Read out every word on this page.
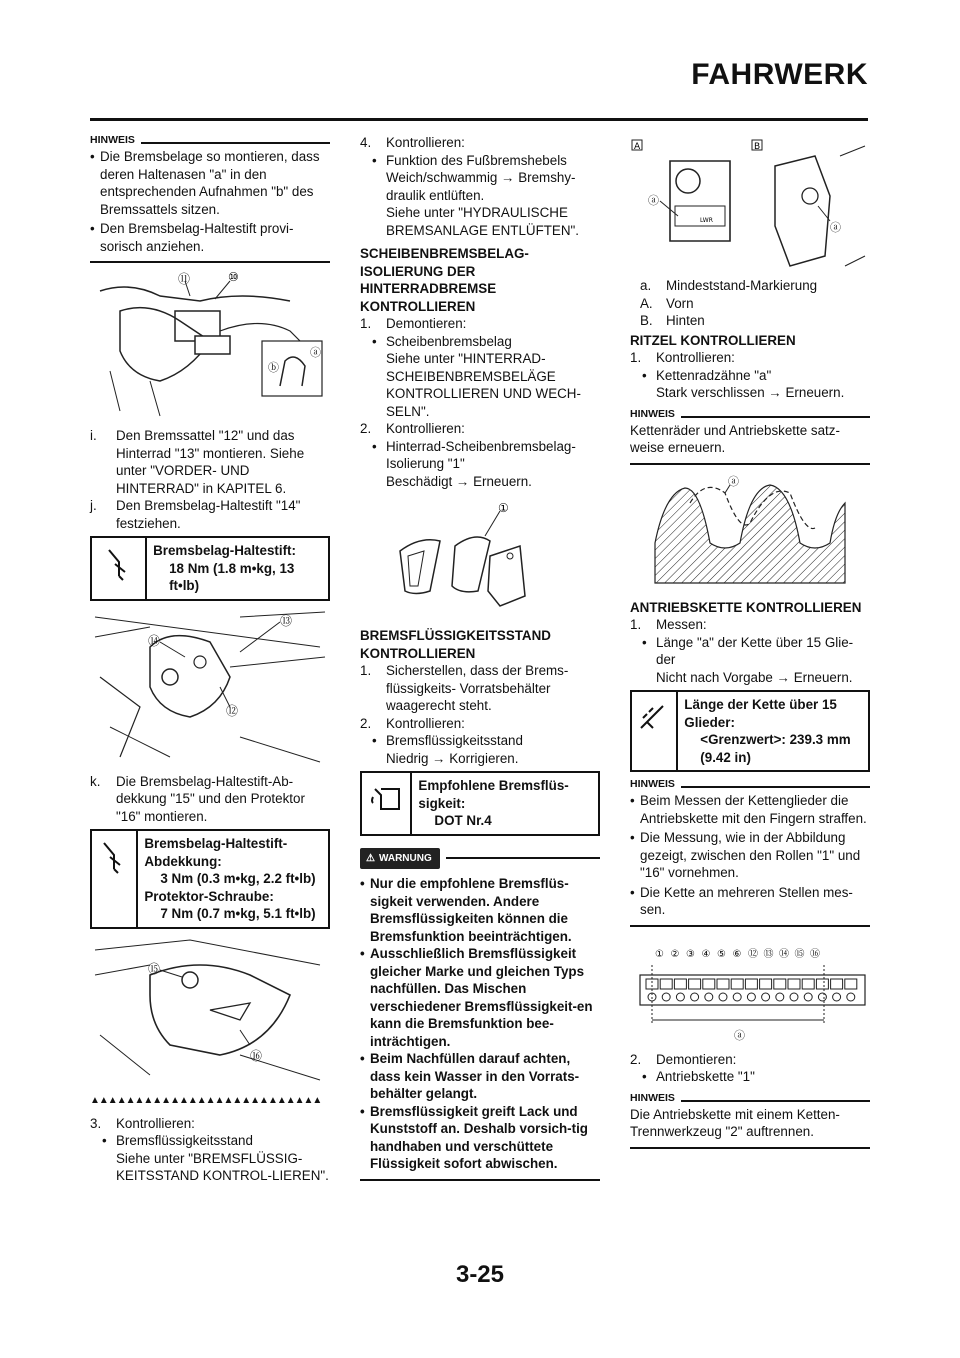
FAHRWERK
HINWEIS
• Die Bremsbelage so montieren, dass deren Haltenasen "a" in den entsprechenden Aufnahmen "b" des Bremssattels sitzen.
• Den Bremsbelag-Haltestift provi-sorisch anziehen.
⑪	⑩
ⓐ
ⓑ
i. Den Bremssattel "12" und das Hinterrad "13" montieren. Siehe unter "VORDER- UND HINTERRAD" in KAPITEL 6.
j. Den Bremsbelag-Haltestift "14" festziehen.
Bremsbelag-Haltestift:
18 Nm (1.8 m•kg, 13 ft•lb)
⑬
⑭
⑫
k. Die Bremsbelag-Haltestift-Ab-dekkung "15" und den Protektor "16" montieren.
Bremsbelag-Haltestift-Abdekkung:
3 Nm (0.3 m•kg, 2.2 ft•lb)
Protektor-Schraube:
7 Nm (0.7 m•kg, 5.1 ft•lb)
⑮
⑯
▲▲▲▲▲▲▲▲▲▲▲▲▲▲▲▲▲▲▲▲▲▲▲▲▲▲
3. Kontrollieren:
• Bremsflüssigkeitsstand
Siehe unter "BREMSFLÜSSIG-KEITSSTAND KONTROL-LIEREN".
4. Kontrollieren:
• Funktion des Fußbremshebels
Weich/schwammig → Bremshy-draulik entlüften.
Siehe unter "HYDRAULISCHE BREMSANLAGE ENTLÜFTEN".
SCHEIBENBREMSBELAG-ISOLIERUNG DER HINTERRADBREMSE KONTROLLIEREN
1. Demontieren:
• Scheibenbremsbelag
Siehe unter "HINTERRAD-SCHEIBENBREMSBELÄGE KONTROLLIEREN UND WECH-SELN".
2. Kontrollieren:
• Hinterrad-Scheibenbremsbelag-Isolierung "1"
Beschädigt → Erneuern.
①
BREMSFLÜSSIGKEITSSTAND KONTROLLIEREN
1. Sicherstellen, dass der Brems-flüssigkeits- Vorratsbehälter waagerecht steht.
2. Kontrollieren:
• Bremsflüssigkeitsstand
Niedrig → Korrigieren.
Empfohlene Bremsflüs-sigkeit:
DOT Nr.4
⚠ WARNUNG
• Nur die empfohlene Bremsflüs-sigkeit verwenden. Andere Bremsflüssigkeiten können die Bremsfunktion beeinträchtigen.
• Ausschließlich Bremsflüssigkeit gleicher Marke und gleichen Typs nachfüllen. Das Mischen verschiedener Bremsflüssigkeit-en kann die Bremsfunktion bee-inträchtigen.
• Beim Nachfüllen darauf achten, dass kein Wasser in den Vorrats-behälter gelangt.
• Bremsflüssigkeit greift Lack und Kunststoff an. Deshalb vorsich-tig handhaben und verschüttete Flüssigkeit sofort abwischen.
A	B
LWR
ⓐ
ⓐ
a. Mindeststand-Markierung
A. Vorn
B. Hinten
RITZEL KONTROLLIEREN
1. Kontrollieren:
• Kettenradzähne "a"
Stark verschlissen → Erneuern.
HINWEIS
Kettenräder und Antriebskette satz-weise erneuern.
ⓐ
ANTRIEBSKETTE KONTROLLIEREN
1. Messen:
• Länge "a" der Kette über 15 Glie-der
Nicht nach Vorgabe → Erneuern.
Länge der Kette über 15 Glieder:
<Grenzwert>: 239.3 mm (9.42 in)
HINWEIS
• Beim Messen der Kettenglieder die Antriebskette mit den Fingern straffen.
• Die Messung, wie in der Abbildung gezeigt, zwischen den Rollen "1" und "16" vornehmen.
• Die Kette an mehreren Stellen mes-sen.
① ② ③ ④ ⑤ ⑥ ⑫ ⑬ ⑭ ⑮ ⑯
ⓐ
2. Demontieren:
• Antriebskette "1"
HINWEIS
Die Antriebskette mit einem Ketten-Trennwerkzeug "2" auftrennen.
3-25
